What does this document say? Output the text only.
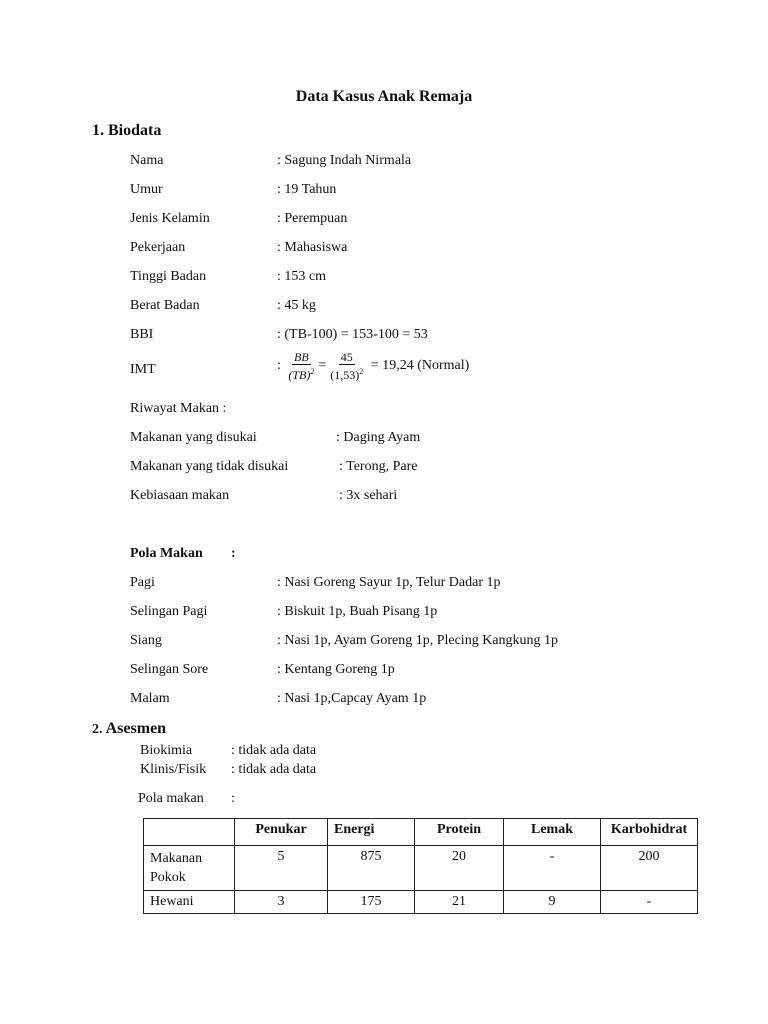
Data Kasus Anak Remaja
1. Biodata
Nama	: Sagung Indah Nirmala
Umur	: 19 Tahun
Jenis Kelamin	: Perempuan
Pekerjaan	: Mahasiswa
Tinggi Badan	: 153 cm
Berat Badan	: 45 kg
BBI	: (TB-100) = 153-100 = 53
IMT	: $\frac{BB}{(TB)^2} = \frac{45}{(1,53)^2} = 19,24$ (Normal)
Riwayat Makan :
Makanan yang disukai	: Daging Ayam
Makanan yang tidak disukai	: Terong, Pare
Kebiasaan makan	: 3x sehari
Pola Makan :
Pagi	: Nasi Goreng Sayur 1p, Telur Dadar 1p
Selingan Pagi	: Biskuit 1p, Buah Pisang 1p
Siang	: Nasi 1p, Ayam Goreng 1p, Plecing Kangkung 1p
Selingan Sore	: Kentang Goreng 1p
Malam	: Nasi 1p,Capcay Ayam 1p
2. Asesmen
Biokimia	: tidak ada data
Klinis/Fisik : tidak ada data
Pola makan :
	Penukar	Energi	Protein	Lemak	Karbohidrat
Makanan Pokok	5	875	20	-	200
Hewani	3	175	21	9	-
